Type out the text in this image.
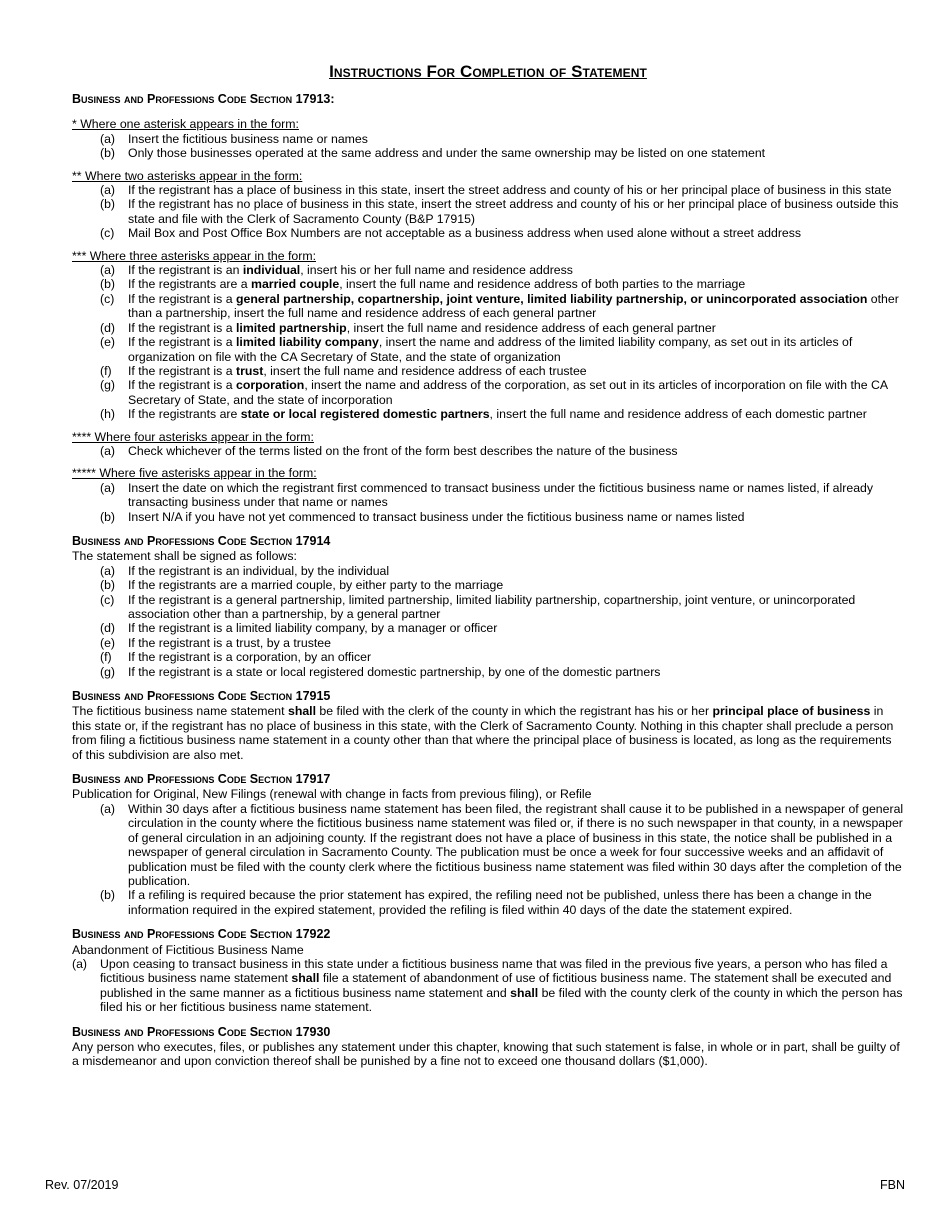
Instructions For Completion of Statement
Business and Professions Code Section 17913:
* Where one asterisk appears in the form:
(a) Insert the fictitious business name or names
(b) Only those businesses operated at the same address and under the same ownership may be listed on one statement
** Where two asterisks appear in the form:
(a) If the registrant has a place of business in this state, insert the street address and county of his or her principal place of business in this state
(b) If the registrant has no place of business in this state, insert the street address and county of his or her principal place of business outside this state and file with the Clerk of Sacramento County (B&P 17915)
(c) Mail Box and Post Office Box Numbers are not acceptable as a business address when used alone without a street address
*** Where three asterisks appear in the form:
(a) If the registrant is an individual, insert his or her full name and residence address
(b) If the registrants are a married couple, insert the full name and residence address of both parties to the marriage
(c) If the registrant is a general partnership, copartnership, joint venture, limited liability partnership, or unincorporated association other than a partnership, insert the full name and residence address of each general partner
(d) If the registrant is a limited partnership, insert the full name and residence address of each general partner
(e) If the registrant is a limited liability company, insert the name and address of the limited liability company, as set out in its articles of organization on file with the CA Secretary of State, and the state of organization
(f) If the registrant is a trust, insert the full name and residence address of each trustee
(g) If the registrant is a corporation, insert the name and address of the corporation, as set out in its articles of incorporation on file with the CA Secretary of State, and the state of incorporation
(h) If the registrants are state or local registered domestic partners, insert the full name and residence address of each domestic partner
**** Where four asterisks appear in the form:
(a) Check whichever of the terms listed on the front of the form best describes the nature of the business
***** Where five asterisks appear in the form:
(a) Insert the date on which the registrant first commenced to transact business under the fictitious business name or names listed, if already transacting business under that name or names
(b) Insert N/A if you have not yet commenced to transact business under the fictitious business name or names listed
Business and Professions Code Section 17914
The statement shall be signed as follows:
(a) If the registrant is an individual, by the individual
(b) If the registrants are a married couple, by either party to the marriage
(c) If the registrant is a general partnership, limited partnership, limited liability partnership, copartnership, joint venture, or unincorporated association other than a partnership, by a general partner
(d) If the registrant is a limited liability company, by a manager or officer
(e) If the registrant is a trust, by a trustee
(f) If the registrant is a corporation, by an officer
(g) If the registrant is a state or local registered domestic partnership, by one of the domestic partners
Business and Professions Code Section 17915

The fictitious business name statement shall be filed with the clerk of the county in which the registrant has his or her principal place of business in this state or, if the registrant has no place of business in this state, with the Clerk of Sacramento County. Nothing in this chapter shall preclude a person from filing a fictitious business name statement in a county other than that where the principal place of business is located, as long as the requirements of this subdivision are also met.

Business and Professions Code Section 17917
Publication for Original, New Filings (renewal with change in facts from previous filing), or Refile
(a) Within 30 days after a fictitious business name statement has been filed, the registrant shall cause it to be published in a newspaper of general circulation in the county where the fictitious business name statement was filed or, if there is no such newspaper in that county, in a newspaper of general circulation in an adjoining county. If the registrant does not have a place of business in this state, the notice shall be published in a newspaper of general circulation in Sacramento County. The publication must be once a week for four successive weeks and an affidavit of publication must be filed with the county clerk where the fictitious business name statement was filed within 30 days after the completion of the publication.
(b) If a refiling is required because the prior statement has expired, the refiling need not be published, unless there has been a change in the information required in the expired statement, provided the refiling is filed within 40 days of the date the statement expired.
Business and Professions Code Section 17922
Abandonment of Fictitious Business Name
(a) Upon ceasing to transact business in this state under a fictitious business name that was filed in the previous five years, a person who has filed a fictitious business name statement shall file a statement of abandonment of use of fictitious business name. The statement shall be executed and published in the same manner as a fictitious business name statement and shall be filed with the county clerk of the county in which the person has filed his or her fictitious business name statement.
Business and Professions Code Section 17930

Any person who executes, files, or publishes any statement under this chapter, knowing that such statement is false, in whole or in part, shall be guilty of a misdemeanor and upon conviction thereof shall be punished by a fine not to exceed one thousand dollars ($1,000).

Rev. 07/2019	FBN
